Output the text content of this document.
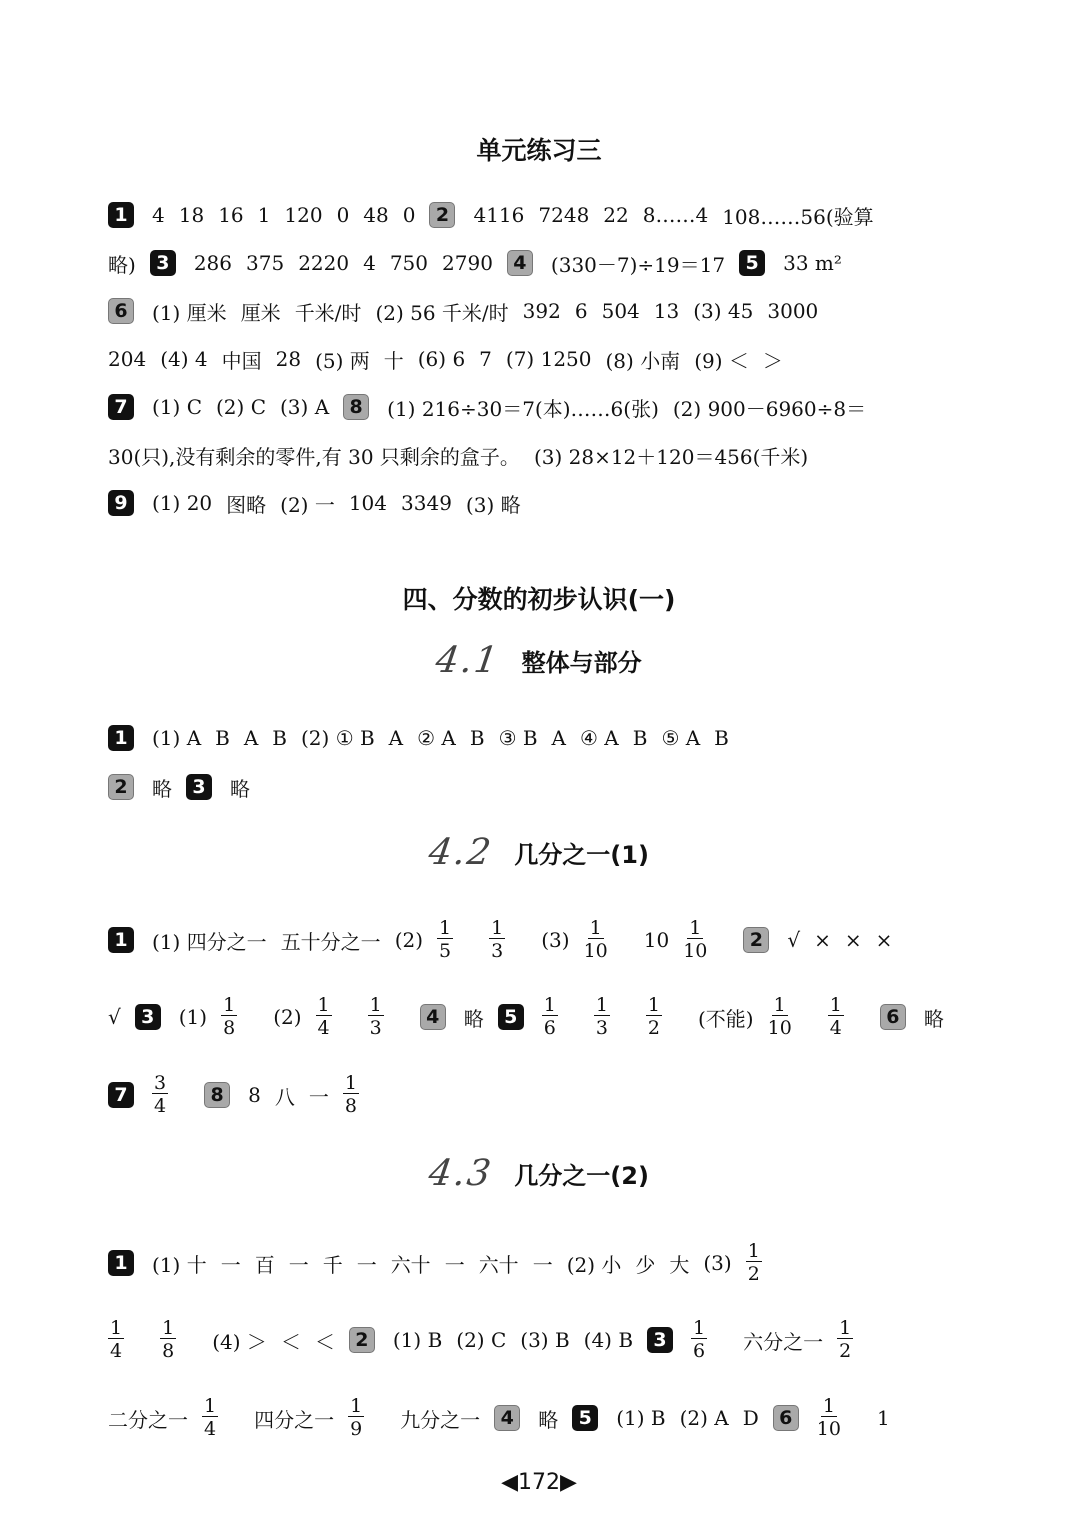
单元练习三
1	4 18 16 1 120 0 48 0	2	4116 7248 22 8……4 108……56(验算
略)	3	286 375 2220 4 750 2790	4	(330－7)÷19＝17	5	33 m²
6	(1) 厘米 厘米 千米/时 (2) 56 千米/时 392 6 504 13 (3) 45 3000
204 (4) 4 中国 28 (5) 两 十 (6) 6 7 (7) 1250 (8) 小南 (9) ＜ ＞
7	(1) C (2) C (3) A	8	(1) 216÷30＝7(本)……6(张) (2) 900－6960÷8＝
30(只),没有剩余的零件,有 30 只剩余的盒子。 (3) 28×12＋120＝456(千米)
9	(1) 20 图略 (2) 一 104 3349 (3) 略
四、分数的初步认识(一)
4.1 整体与部分
1	(1) A B A B (2) ① B A ② A B ③ B A ④ A B ⑤ A B
2	略	3	略
4.2 几分之一(1)
1	(1) 四分之一 五十分之一 (2) 1
5
1
3 (3) 1
10 10 1
10	2	√ × × ×
√	3	(1) 1
8 (2) 1
4
1
3	4	略	5
1
6
1
3
1
2 (不能)
1
10
1
4	6	略
7
3
4	8	8 八 一
1
8
4.3 几分之一(2)
1	(1) 十 一 百 一 千 一 六十 一 六十 一 (2) 小 少 大 (3) 1
2
1
4
1
8 (4) ＞ ＜ ＜	2	(1) B (2) C (3) B (4) B	3
1
6 六分之一
1
2
二分之一
1
4 四分之一
1
9 九分之一	4	略	5	(1) B (2) A D	6
1
10 1
◀172▶
